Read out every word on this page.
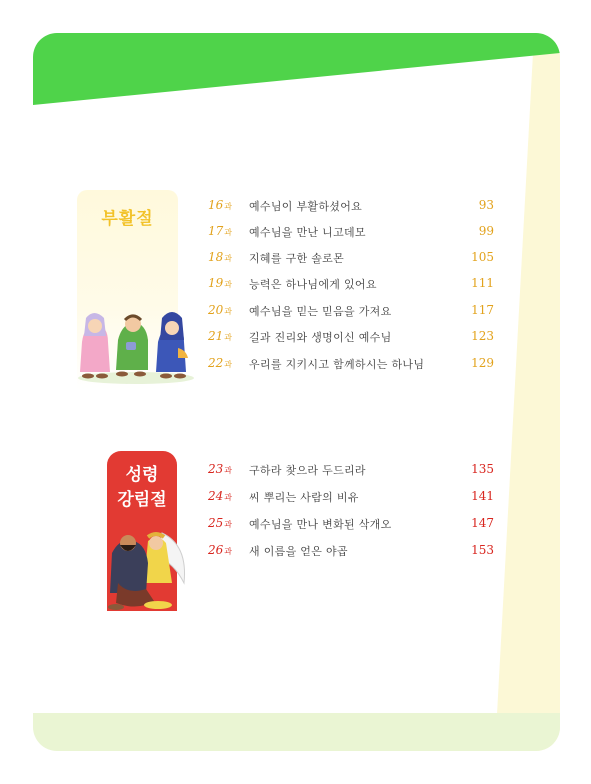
부활절
성령
강림절
16과 예수님이 부활하셨어요	93
17과 예수님을 만난 니고데모	99
18과 지혜를 구한 솔로몬	105
19과 능력은 하나님에게 있어요	111
20과 예수님을 믿는 믿음을 가져요	117
21과 길과 진리와 생명이신 예수님	123
22과 우리를 지키시고 함께하시는 하나님	129
23과 구하라 찾으라 두드리라	135
24과 씨 뿌리는 사람의 비유	141
25과 예수님을 만나 변화된 삭개오	147
26과 새 이름을 얻은 야곱	153
